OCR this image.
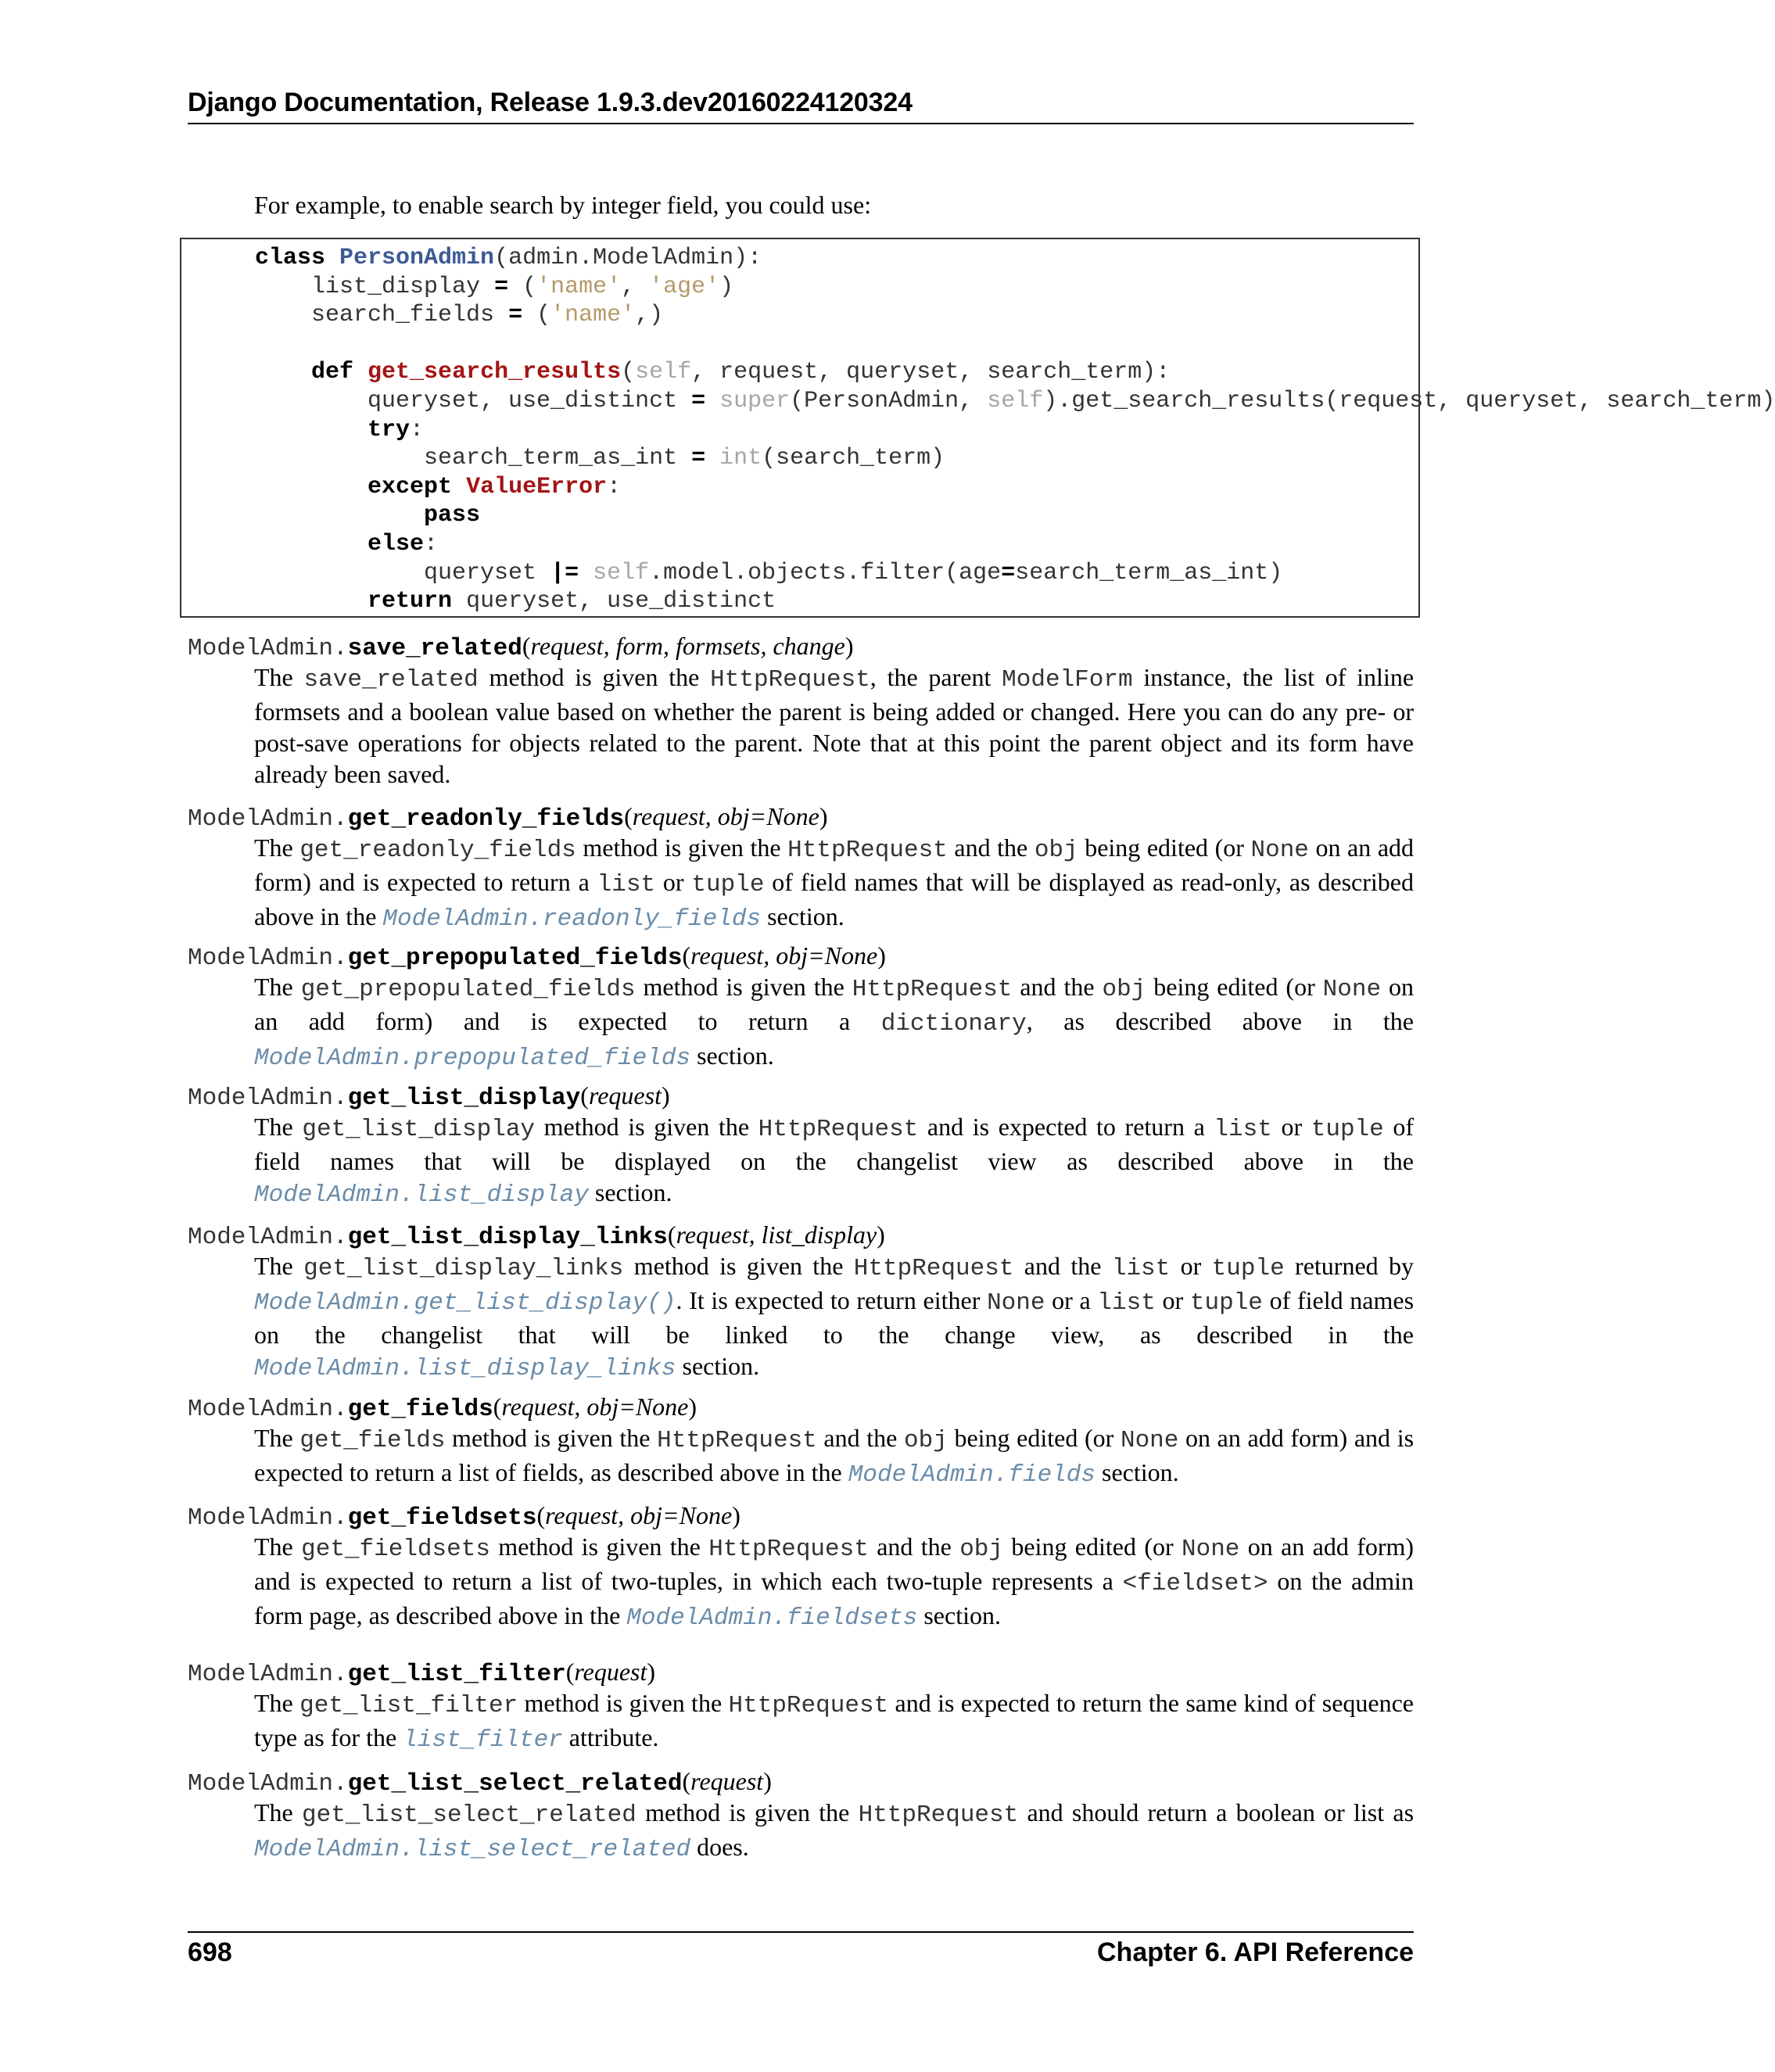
Django Documentation, Release 1.9.3.dev20160224120324
For example, to enable search by integer field, you could use:
class PersonAdmin(admin.ModelAdmin):
list_display = ('name', 'age')
search_fields = ('name',)

def get_search_results(self, request, queryset, search_term):
queryset, use_distinct = super(PersonAdmin, self).get_search_results(request, queryset, search_term)
try:
search_term_as_int = int(search_term)
except ValueError:
pass
else:
queryset |= self.model.objects.filter(age=search_term_as_int)
return queryset, use_distinct
ModelAdmin.save_related(request, form, formsets, change)
The save_related method is given the HttpRequest, the parent ModelForm instance, the list of inline formsets and a boolean value based on whether the parent is being added or changed. Here you can do any pre- or post-save operations for objects related to the parent. Note that at this point the parent object and its form have already been saved.
ModelAdmin.get_readonly_fields(request, obj=None)
The get_readonly_fields method is given the HttpRequest and the obj being edited (or None on an add form) and is expected to return a list or tuple of field names that will be displayed as read-only, as described above in the ModelAdmin.readonly_fields section.
ModelAdmin.get_prepopulated_fields(request, obj=None)
The get_prepopulated_fields method is given the HttpRequest and the obj being edited (or None on an add form) and is expected to return a dictionary, as described above in the ModelAdmin.prepopulated_fields section.
ModelAdmin.get_list_display(request)
The get_list_display method is given the HttpRequest and is expected to return a list or tuple of field names that will be displayed on the changelist view as described above in the ModelAdmin.list_display section.
ModelAdmin.get_list_display_links(request, list_display)
The get_list_display_links method is given the HttpRequest and the list or tuple returned by ModelAdmin.get_list_display(). It is expected to return either None or a list or tuple of field names on the changelist that will be linked to the change view, as described in the ModelAdmin.list_display_links section.
ModelAdmin.get_fields(request, obj=None)
The get_fields method is given the HttpRequest and the obj being edited (or None on an add form) and is expected to return a list of fields, as described above in the ModelAdmin.fields section.
ModelAdmin.get_fieldsets(request, obj=None)
The get_fieldsets method is given the HttpRequest and the obj being edited (or None on an add form) and is expected to return a list of two-tuples, in which each two-tuple represents a <fieldset> on the admin form page, as described above in the ModelAdmin.fieldsets section.
ModelAdmin.get_list_filter(request)
The get_list_filter method is given the HttpRequest and is expected to return the same kind of sequence type as for the list_filter attribute.
ModelAdmin.get_list_select_related(request)
The get_list_select_related method is given the HttpRequest and should return a boolean or list as ModelAdmin.list_select_related does.
698	Chapter 6. API Reference
